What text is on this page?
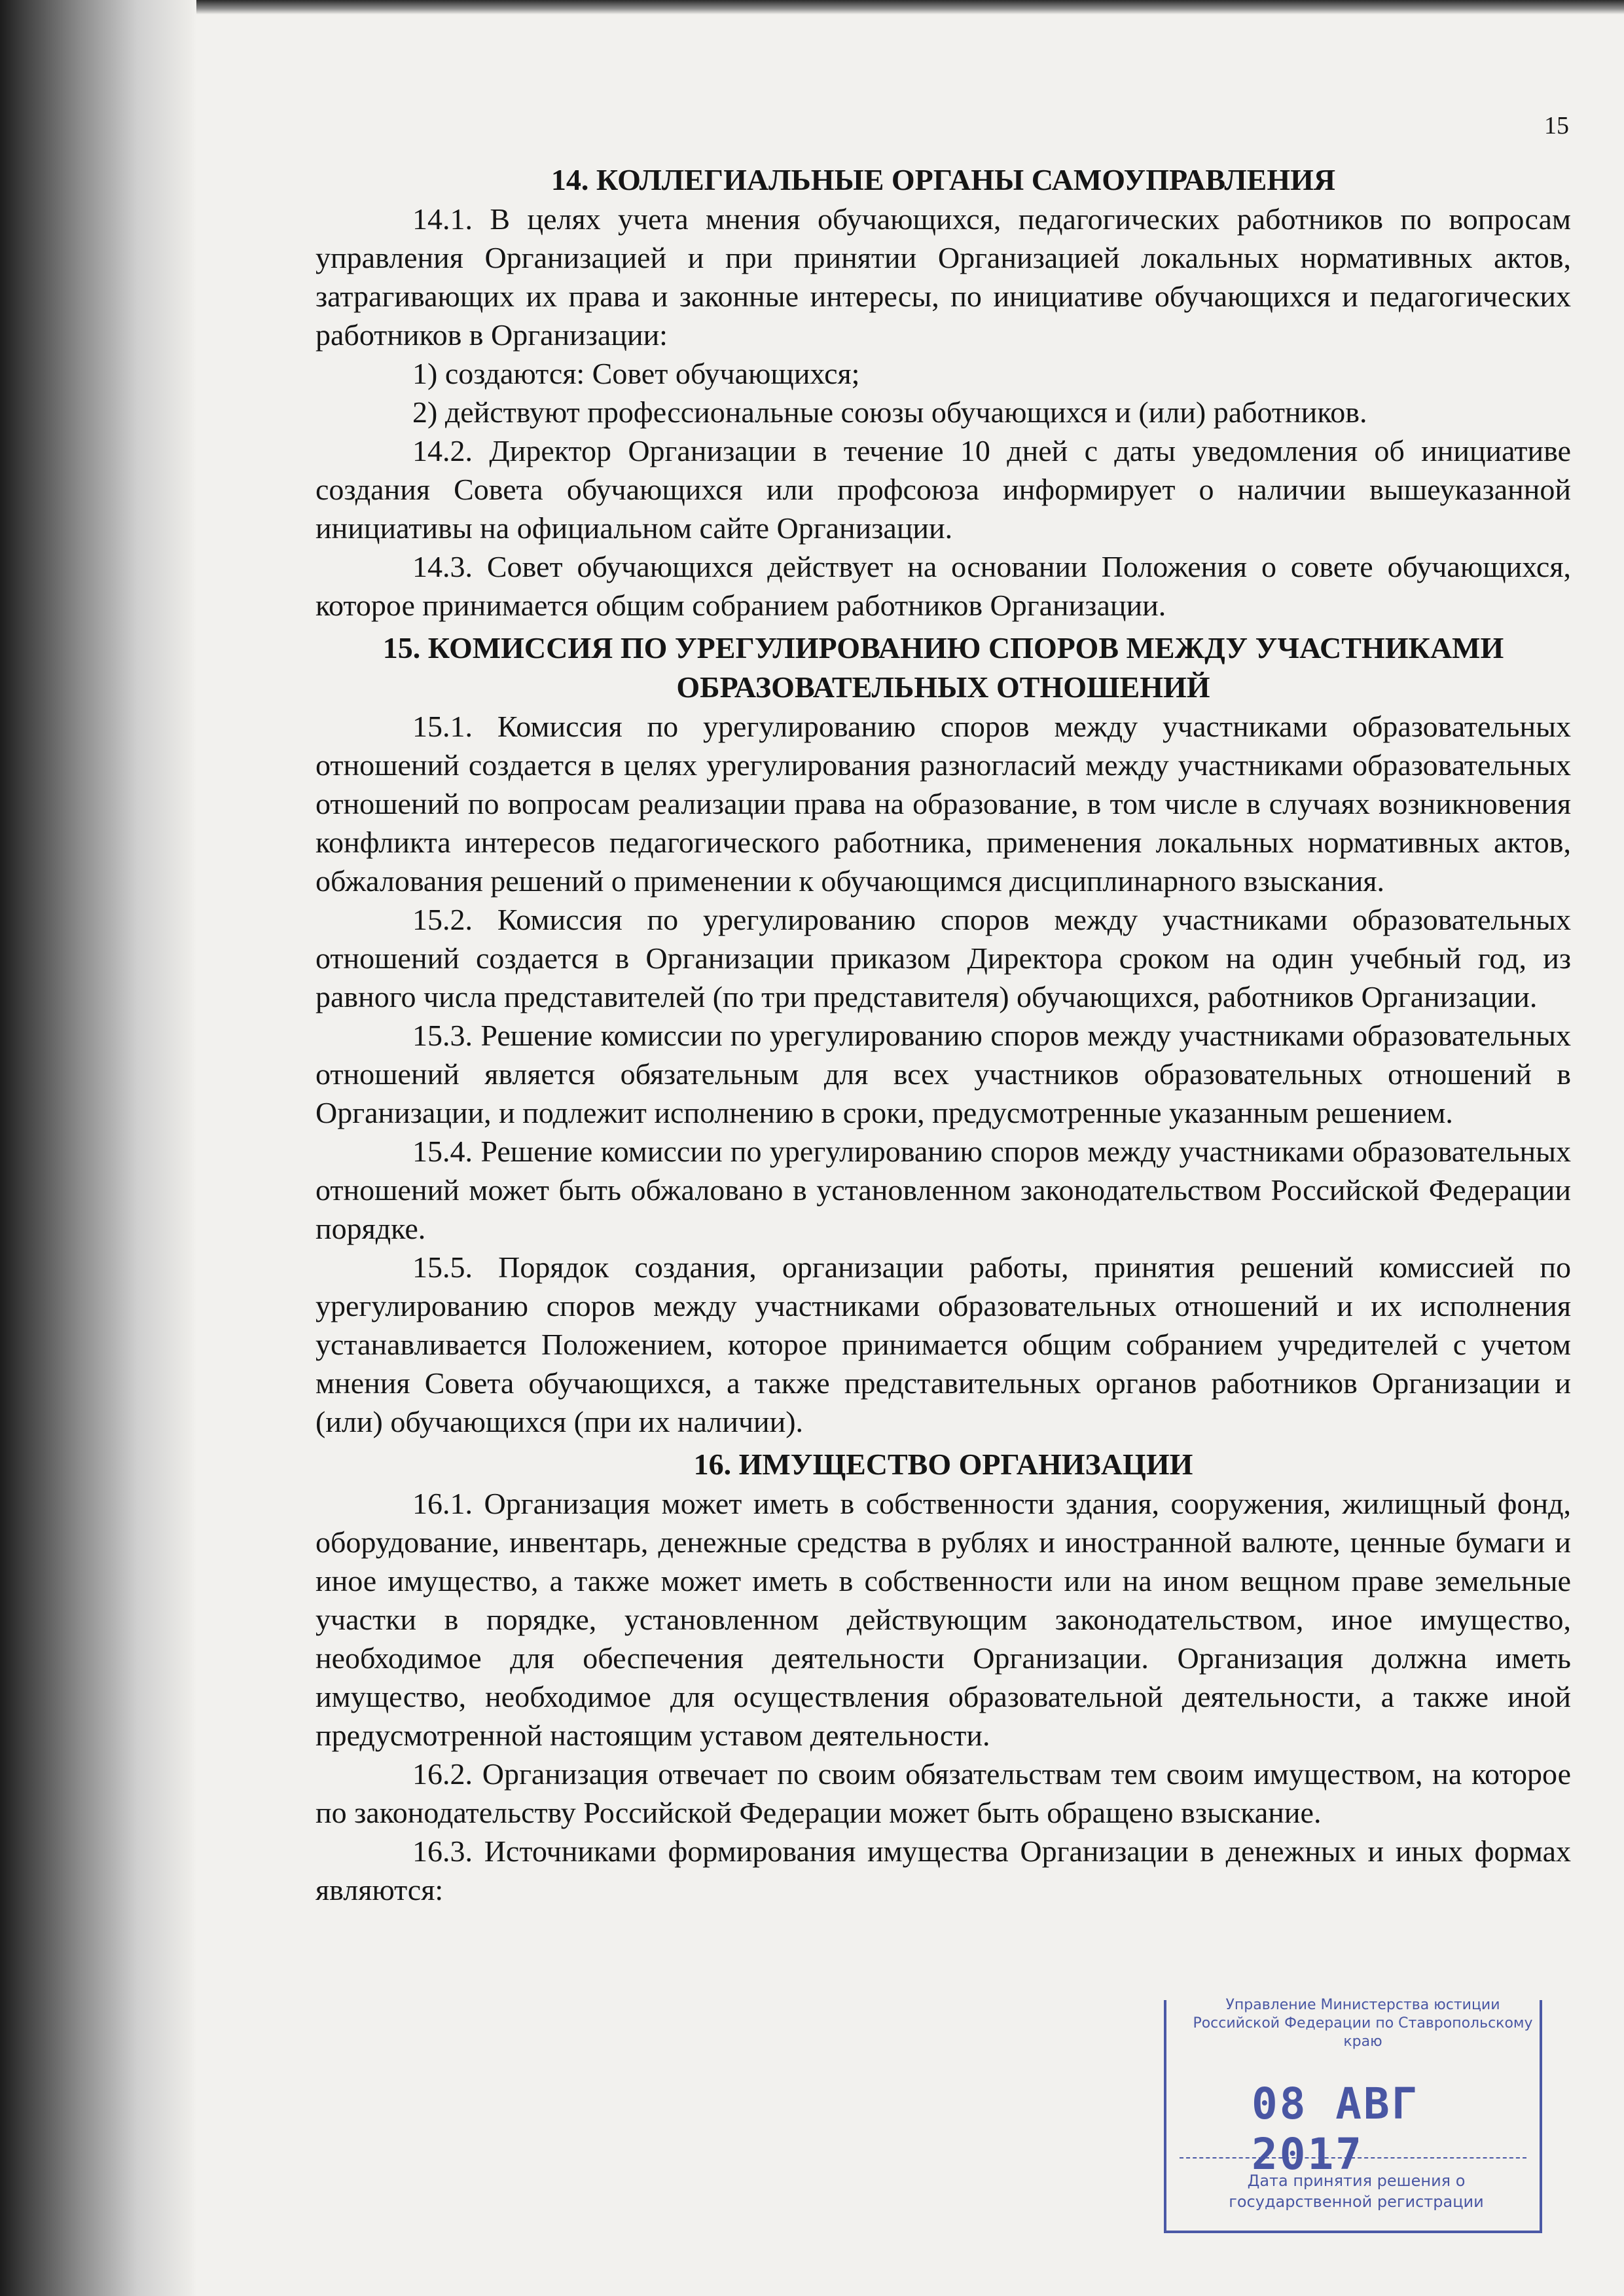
15
14. КОЛЛЕГИАЛЬНЫЕ ОРГАНЫ САМОУПРАВЛЕНИЯ

14.1. В целях учета мнения обучающихся, педагогических работников по вопросам управления Организацией и при принятии Организацией локальных нормативных актов, затрагивающих их права и законные интересы, по инициативе обучающихся и педагогических работников в Организации:

1) создаются: Совет обучающихся;

2) действуют профессиональные союзы обучающихся и (или) работников.

14.2. Директор Организации в течение 10 дней с даты уведомления об инициативе создания Совета обучающихся или профсоюза информирует о наличии вышеуказанной инициативы на официальном сайте Организации.

14.3. Совет обучающихся действует на основании Положения о совете обучающихся, которое принимается общим собранием работников Организации.

15. КОМИССИЯ ПО УРЕГУЛИРОВАНИЮ СПОРОВ МЕЖДУ УЧАСТНИКАМИ
ОБРАЗОВАТЕЛЬНЫХ ОТНОШЕНИЙ

15.1. Комиссия по урегулированию споров между участниками образовательных отношений создается в целях урегулирования разногласий между участниками образовательных отношений по вопросам реализации права на образование, в том числе в случаях возникновения конфликта интересов педагогического работника, применения локальных нормативных актов, обжалования решений о применении к обучающимся дисциплинарного взыскания.

15.2. Комиссия по урегулированию споров между участниками образовательных отношений создается в Организации приказом Директора сроком на один учебный год, из равного числа представителей (по три представителя) обучающихся, работников Организации.

15.3. Решение комиссии по урегулированию споров между участниками образовательных отношений является обязательным для всех участников образовательных отношений в Организации, и подлежит исполнению в сроки, предусмотренные указанным решением.

15.4. Решение комиссии по урегулированию споров между участниками образовательных отношений может быть обжаловано в установленном законодательством Российской Федерации порядке.

15.5. Порядок создания, организации работы, принятия решений комиссией по урегулированию споров между участниками образовательных отношений и их исполнения устанавливается Положением, которое принимается общим собранием учредителей с учетом мнения Совета обучающихся, а также представительных органов работников Организации и (или) обучающихся (при их наличии).

16. ИМУЩЕСТВО ОРГАНИЗАЦИИ

16.1. Организация может иметь в собственности здания, сооружения, жилищный фонд, оборудование, инвентарь, денежные средства в рублях и иностранной валюте, ценные бумаги и иное имущество, а также может иметь в собственности или на ином вещном праве земельные участки в порядке, установленном действующим законодательством, иное имущество, необходимое для обеспечения деятельности Организации. Организация должна иметь имущество, необходимое для осуществления образовательной деятельности, а также иной предусмотренной настоящим уставом деятельности.

16.2. Организация отвечает по своим обязательствам тем своим имуществом, на которое по законодательству Российской Федерации может быть обращено взыскание.

16.3. Источниками формирования имущества Организации в денежных и иных формах являются:

Управление Министерства юстиции Российской Федерации по Ставропольскому краю
08 АВГ 2017
Дата принятия решения о государственной регистрации
